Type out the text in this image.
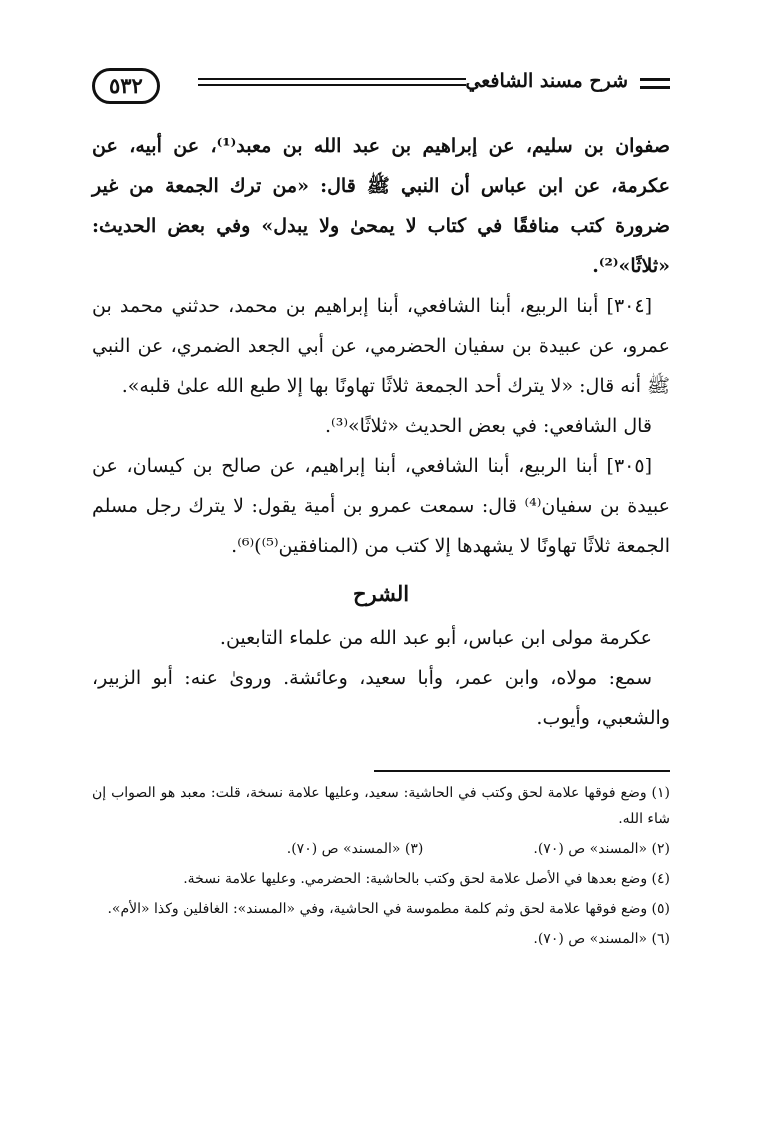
٥٣٢	شرح مسند الشافعي

صفوان بن سليم، عن إبراهيم بن عبد الله بن معبد⁽¹⁾، عن أبيه، عن عكرمة، عن ابن عباس أن النبي ﷺ قال: «من ترك الجمعة من غير ضرورة كتب منافقًا في كتاب لا يمحىٰ ولا يبدل» وفي بعض الحديث: «ثلاثًا»⁽²⁾.

[٣٠٤] أبنا الربيع، أبنا الشافعي، أبنا إبراهيم بن محمد، حدثني محمد بن عمرو، عن عبيدة بن سفيان الحضرمي، عن أبي الجعد الضمري، عن النبي ﷺ أنه قال: «لا يترك أحد الجمعة ثلاثًا تهاونًا بها إلا طبع الله علىٰ قلبه».

قال الشافعي: في بعض الحديث «ثلاثًا»⁽³⁾.

[٣٠٥] أبنا الربيع، أبنا الشافعي، أبنا إبراهيم، عن صالح بن كيسان، عن عبيدة بن سفيان⁽⁴⁾ قال: سمعت عمرو بن أمية يقول: لا يترك رجل مسلم الجمعة ثلاثًا تهاونًا لا يشهدها إلا كتب من (المنافقين⁽⁵⁾)⁽⁶⁾.

الشرح

عكرمة مولى ابن عباس، أبو عبد الله من علماء التابعين.

سمع: مولاه، وابن عمر، وأبا سعيد، وعائشة. وروىٰ عنه: أبو الزبير، والشعبي، وأيوب.

(١) وضع فوقها علامة لحق وكتب في الحاشية: سعيد، وعليها علامة نسخة، قلت: معبد هو الصواب إن شاء الله.

(٢) «المسند» ص (٧٠).
(٣) «المسند» ص (٧٠).

(٤) وضع بعدها في الأصل علامة لحق وكتب بالحاشية: الحضرمي. وعليها علامة نسخة.

(٥) وضع فوقها علامة لحق وثم كلمة مطموسة في الحاشية، وفي «المسند»: الغافلين وكذا «الأم».

(٦) «المسند» ص (٧٠).
